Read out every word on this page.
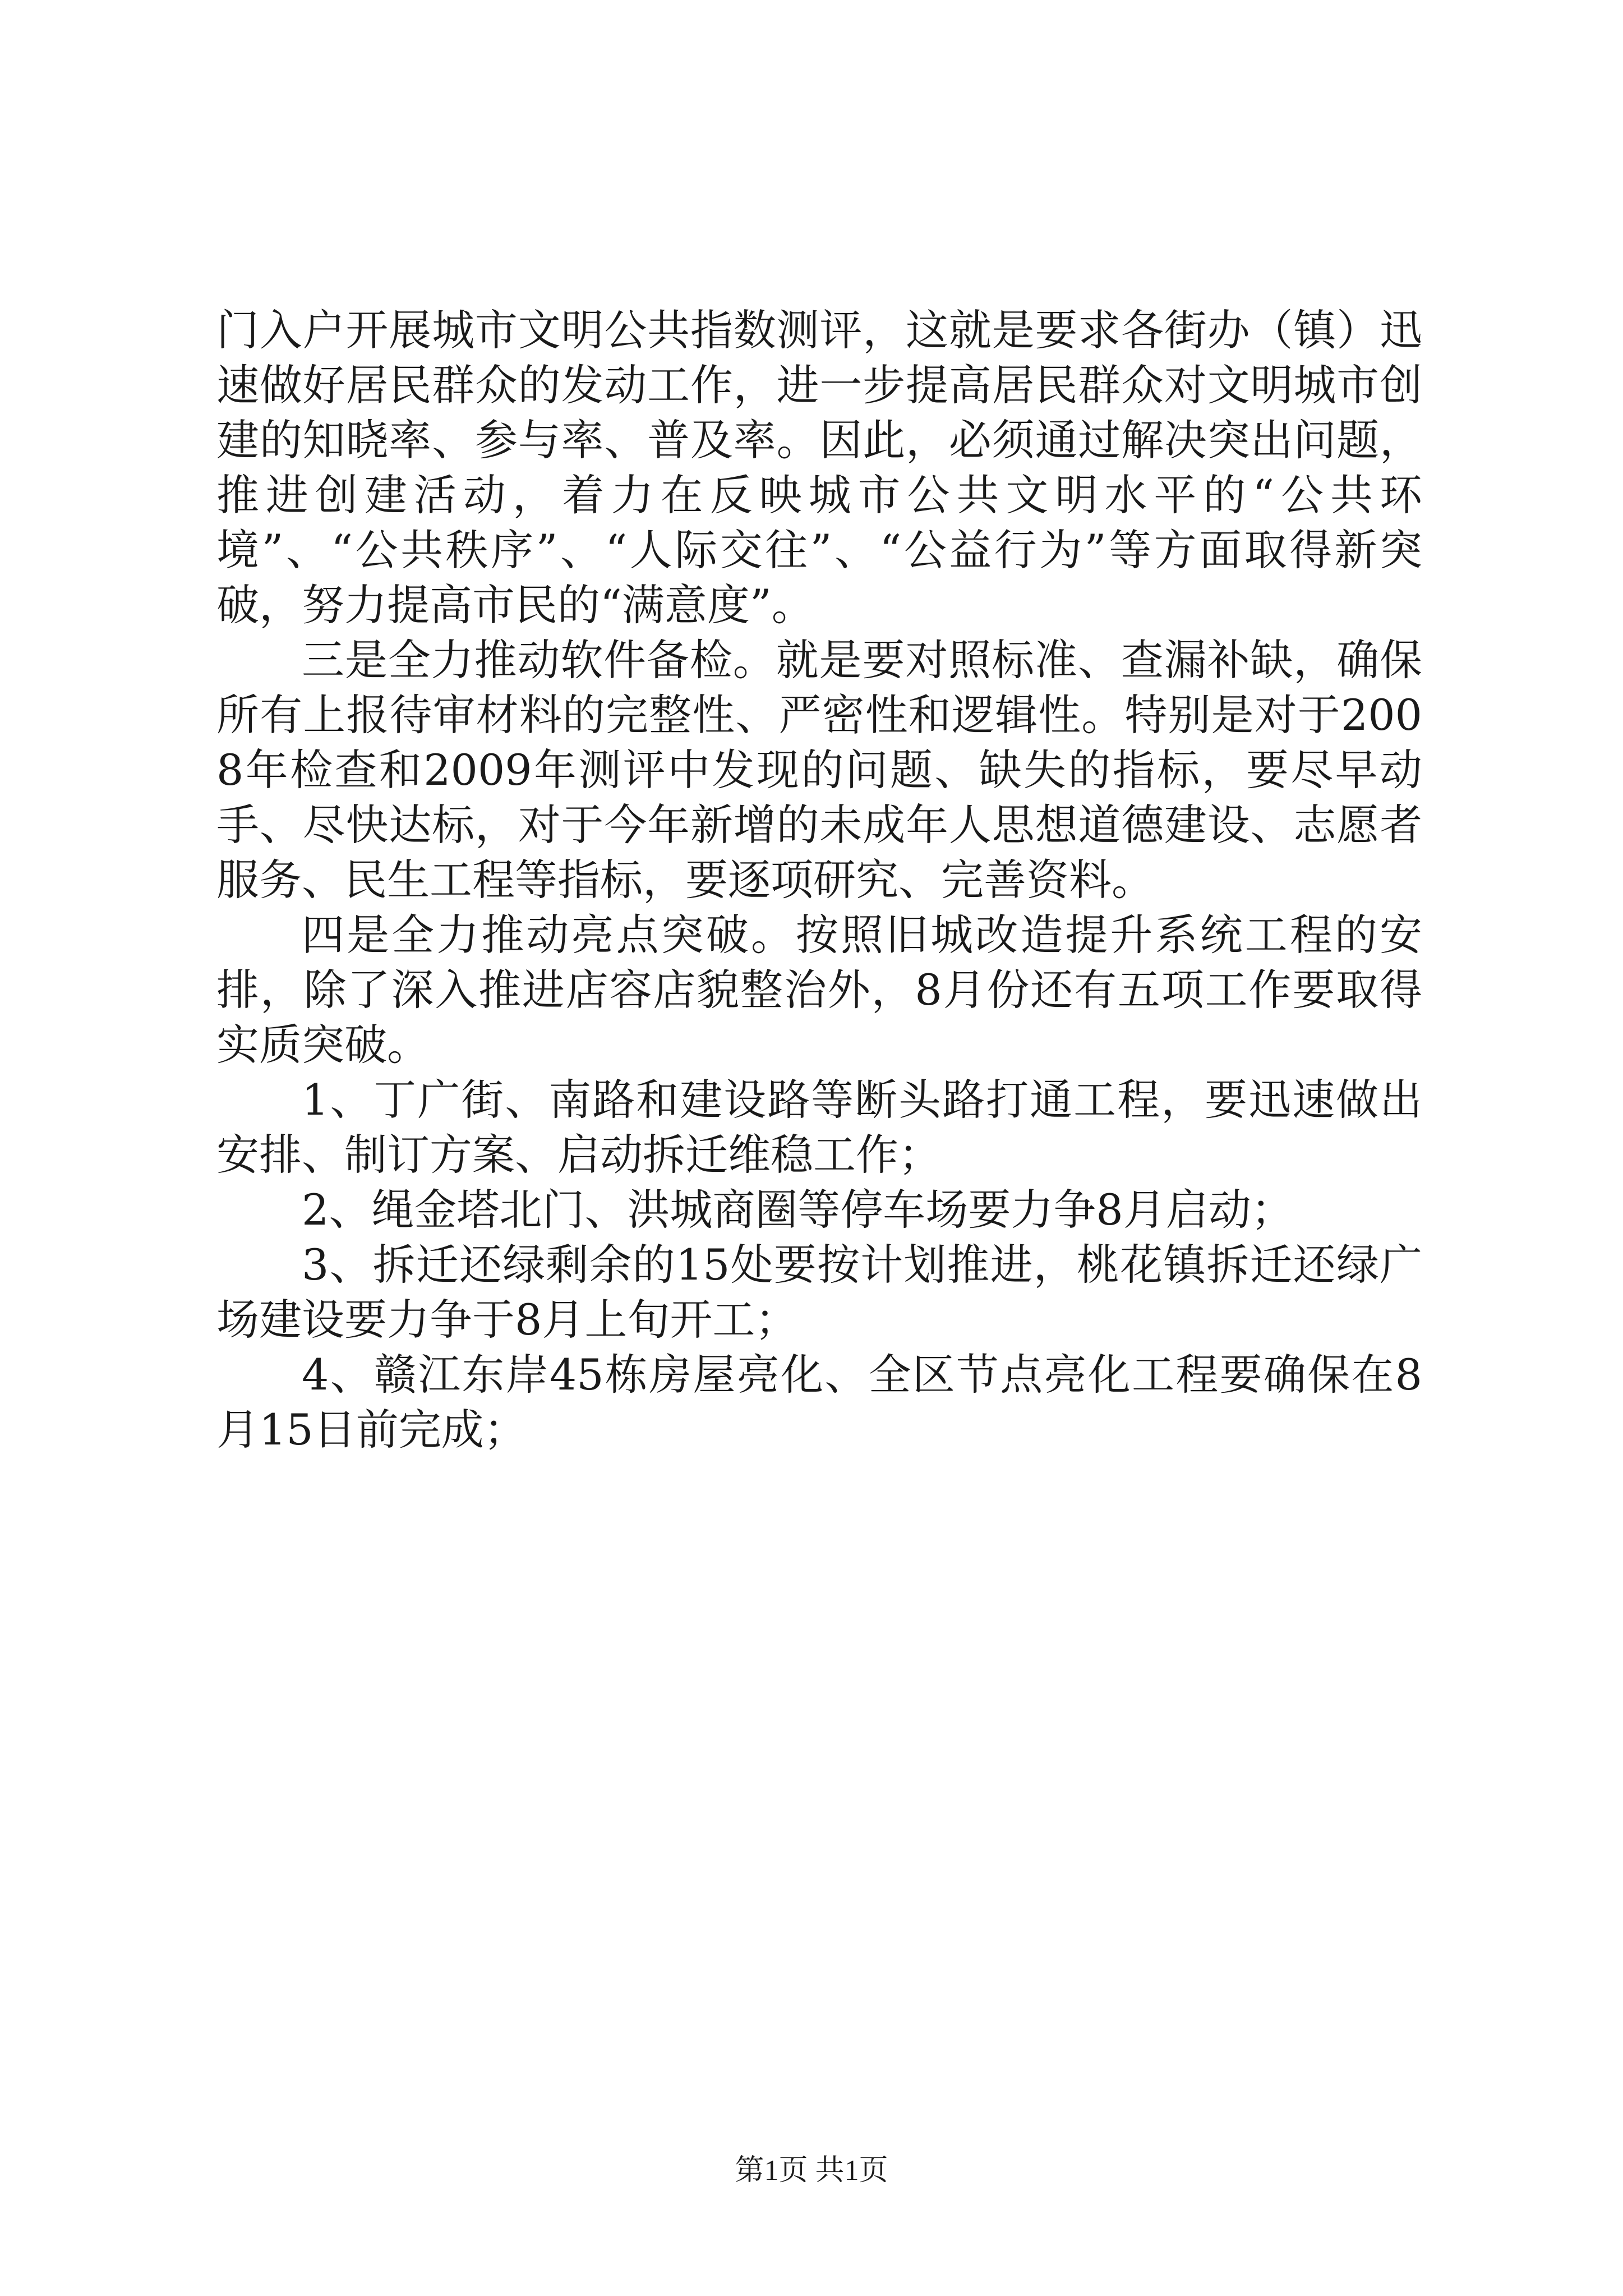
门入户开展城市文明公共指数测评，这就是要求各街办（镇）迅速做好居民群众的发动工作，进一步提高居民群众对文明城市创建的知晓率、参与率、普及率。因此，必须通过解决突出问题，推进创建活动，着力在反映城市公共文明水平的“公共环境”、“公共秩序”、“人际交往”、“公益行为”等方面取得新突破，努力提高市民的“满意度”。

三是全力推动软件备检。就是要对照标准、查漏补缺，确保所有上报待审材料的完整性、严密性和逻辑性。特别是对于2008年检查和2009年测评中发现的问题、缺失的指标，要尽早动手、尽快达标，对于今年新增的未成年人思想道德建设、志愿者服务、民生工程等指标，要逐项研究、完善资料。

四是全力推动亮点突破。按照旧城改造提升系统工程的安排，除了深入推进店容店貌整治外，8月份还有五项工作要取得实质突破。

1、丁广街、南路和建设路等断头路打通工程，要迅速做出安排、制订方案、启动拆迁维稳工作；

2、绳金塔北门、洪城商圈等停车场要力争8月启动；

3、拆迁还绿剩余的15处要按计划推进，桃花镇拆迁还绿广场建设要力争于8月上旬开工；

4、赣江东岸45栋房屋亮化、全区节点亮化工程要确保在8月15日前完成；

第1页 共1页
